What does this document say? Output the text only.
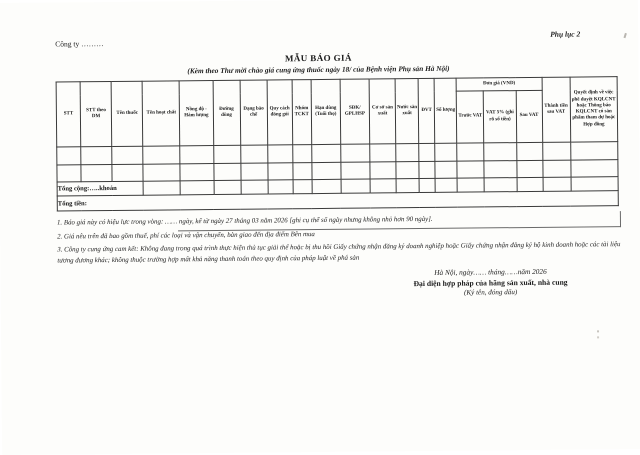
Công ty ………
Phụ lục 2
MẪU BÁO GIÁ
(Kèm theo Thư mời chào giá cung ứng thuốc ngày 18/ của Bệnh viện Phụ sản Hà Nội)
STT	STT theo DM	Tên thuốc	Tên hoạt chất	Nồng độ - Hàm lượng	Đường dùng	Dạng bào chế	Quy cách đóng gói	Nhóm TCKT	Hạn dùng (Tuổi thọ)	SĐK/ GPLHSP	Cơ sở sản xuất	Nước sản xuất	ĐVT	Số lượng	Đơn giá (VND)			Thành tiền sau VAT	Quyết định về việc phê duyệt KQLCNT hoặc Thông báo KQLCNT có sản phẩm tham dự hoặc Hợp đồng
															Trước VAT	VAT 5% (ghi rõ số tiền)	Sau VAT		

Tổng cộng:…..khoản																			
Tổng tiền:																			

1. Báo giá này có hiệu lực trong vòng: …… ngày, kể từ ngày 27 tháng 03 năm 2026 [ghi cụ thể số ngày nhưng không nhỏ hơn 90 ngày].

2. Giá nêu trên đã bao gồm thuế, phí các loại và vận chuyển, bàn giao đến địa điểm Bên mua

3. Công ty cung ứng cam kết: Không đang trong quá trình thực hiện thủ tục giải thể hoặc bị thu hồi Giấy chứng nhận đăng ký doanh nghiệp hoặc Giấy chứng nhận đăng ký hộ kinh doanh hoặc các tài liệu tương đương khác; không thuộc trường hợp mất khả năng thanh toán theo quy định của pháp luật về phá sản

Hà Nội, ngày…… tháng……năm 2026

Đại diện hợp pháp của hãng sản xuất, nhà cung

(Ký tên, đóng dấu)
